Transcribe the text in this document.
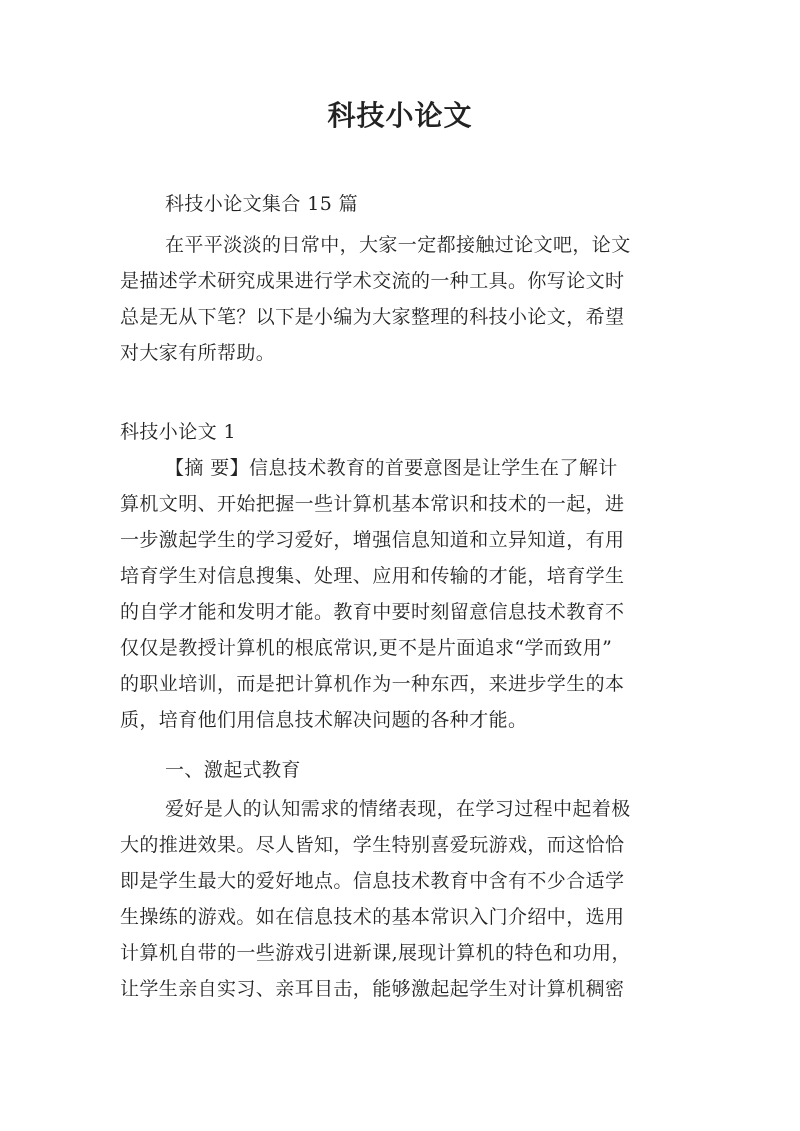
科技小论文
科技小论文集合 15 篇
在平平淡淡的日常中，大家一定都接触过论文吧，论文
是描述学术研究成果进行学术交流的一种工具。你写论文时
总是无从下笔？以下是小编为大家整理的科技小论文，希望
对大家有所帮助。
科技小论文 1
【摘 要】信息技术教育的首要意图是让学生在了解计
算机文明、开始把握一些计算机基本常识和技术的一起，进
一步激起学生的学习爱好，增强信息知道和立异知道，有用
培育学生对信息搜集、处理、应用和传输的才能，培育学生
的自学才能和发明才能。教育中要时刻留意信息技术教育不
仅仅是教授计算机的根底常识,更不是片面追求“学而致用”
的职业培训，而是把计算机作为一种东西，来进步学生的本
质，培育他们用信息技术解决问题的各种才能。
一、激起式教育
爱好是人的认知需求的情绪表现，在学习过程中起着极
大的推进效果。尽人皆知，学生特别喜爱玩游戏，而这恰恰
即是学生最大的爱好地点。信息技术教育中含有不少合适学
生操练的游戏。如在信息技术的基本常识入门介绍中，选用
计算机自带的一些游戏引进新课,展现计算机的特色和功用，
让学生亲自实习、亲耳目击，能够激起起学生对计算机稠密
